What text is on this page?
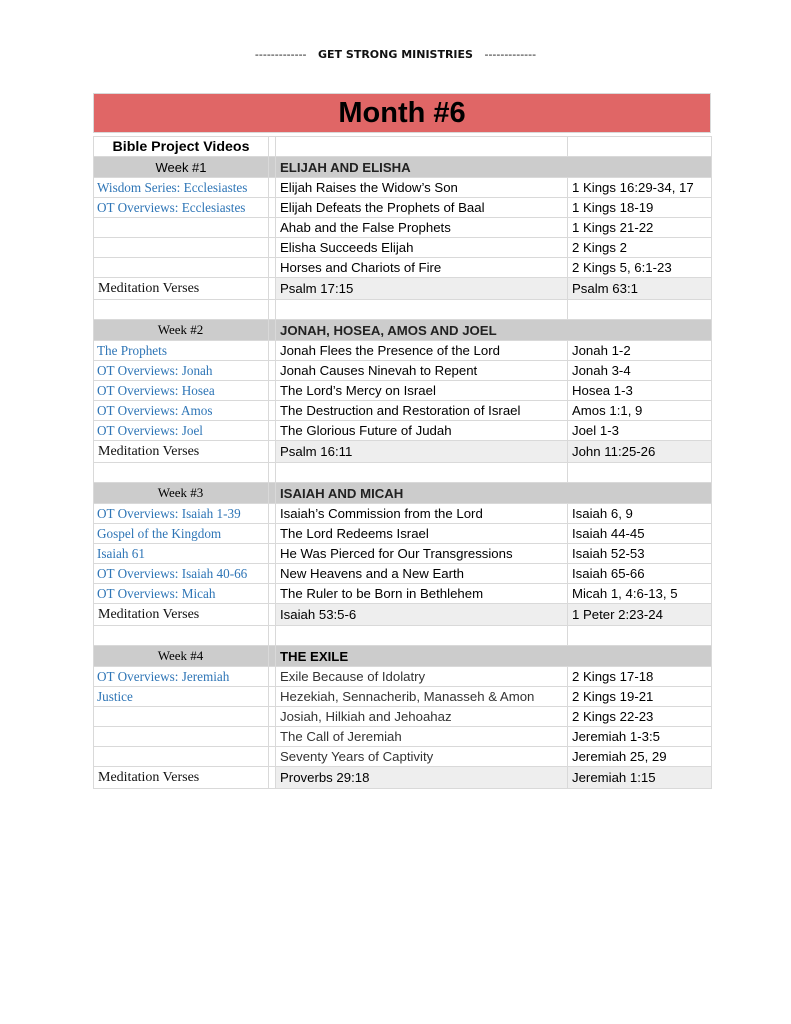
------------- GET STRONG MINISTRIES -------------
Month #6
Bible Project Videos			
Week #1		ELIJAH AND ELISHA	
Wisdom Series: Ecclesiastes		Elijah Raises the Widow’s Son	1 Kings 16:29-34, 17
OT Overviews: Ecclesiastes		Elijah Defeats the Prophets of Baal	1 Kings 18-19
		Ahab and the False Prophets	1 Kings 21-22
		Elisha Succeeds Elijah	2 Kings 2
		Horses and Chariots of Fire	2 Kings 5, 6:1-23
Meditation Verses		Psalm 17:15	Psalm 63:1

Week #2		JONAH, HOSEA, AMOS AND JOEL	
The Prophets		Jonah Flees the Presence of the Lord	Jonah 1-2
OT Overviews: Jonah		Jonah Causes Ninevah to Repent	Jonah 3-4
OT Overviews: Hosea		The Lord’s Mercy on Israel	Hosea 1-3
OT Overviews: Amos		The Destruction and Restoration of Israel	Amos 1:1, 9
OT Overviews: Joel		The Glorious Future of Judah	Joel 1-3
Meditation Verses		Psalm 16:11	John 11:25-26

Week #3		ISAIAH AND MICAH	
OT Overviews: Isaiah 1-39		Isaiah’s Commission from the Lord	Isaiah 6, 9
Gospel of the Kingdom		The Lord Redeems Israel	Isaiah 44-45
Isaiah 61		He Was Pierced for Our Transgressions	Isaiah 52-53
OT Overviews: Isaiah 40-66		New Heavens and a New Earth	Isaiah 65-66
OT Overviews: Micah		The Ruler to be Born in Bethlehem	Micah 1, 4:6-13, 5
Meditation Verses		Isaiah 53:5-6	1 Peter 2:23-24

Week #4		THE EXILE	
OT Overviews: Jeremiah		Exile Because of Idolatry	2 Kings 17-18
Justice		Hezekiah, Sennacherib, Manasseh & Amon	2 Kings 19-21
		Josiah, Hilkiah and Jehoahaz	2 Kings 22-23
		The Call of Jeremiah	Jeremiah 1-3:5
		Seventy Years of Captivity	Jeremiah 25, 29
Meditation Verses		Proverbs 29:18	Jeremiah 1:15
